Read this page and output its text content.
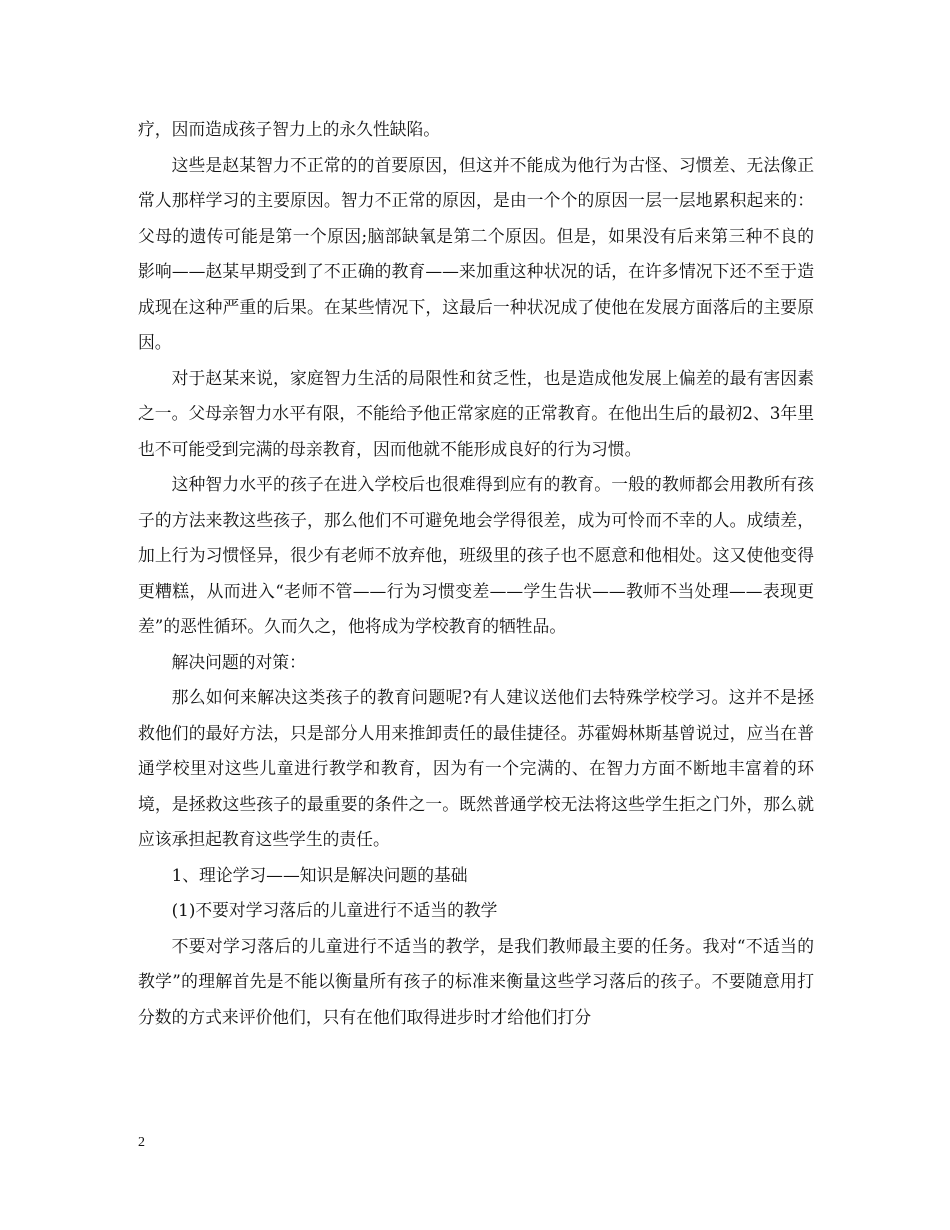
疗，因而造成孩子智力上的永久性缺陷。

这些是赵某智力不正常的的首要原因，但这并不能成为他行为古怪、习惯差、无法像正常人那样学习的主要原因。智力不正常的原因，是由一个个的原因一层一层地累积起来的：父母的遗传可能是第一个原因;脑部缺氧是第二个原因。但是，如果没有后来第三种不良的影响——赵某早期受到了不正确的教育——来加重这种状况的话，在许多情况下还不至于造成现在这种严重的后果。在某些情况下，这最后一种状况成了使他在发展方面落后的主要原因。

对于赵某来说，家庭智力生活的局限性和贫乏性，也是造成他发展上偏差的最有害因素之一。父母亲智力水平有限，不能给予他正常家庭的正常教育。在他出生后的最初2、3年里也不可能受到完满的母亲教育，因而他就不能形成良好的行为习惯。

这种智力水平的孩子在进入学校后也很难得到应有的教育。一般的教师都会用教所有孩子的方法来教这些孩子，那么他们不可避免地会学得很差，成为可怜而不幸的人。成绩差，加上行为习惯怪异，很少有老师不放弃他，班级里的孩子也不愿意和他相处。这又使他变得更糟糕，从而进入“老师不管——行为习惯变差——学生告状——教师不当处理——表现更差”的恶性循环。久而久之，他将成为学校教育的牺牲品。

解决问题的对策：

那么如何来解决这类孩子的教育问题呢?有人建议送他们去特殊学校学习。这并不是拯救他们的最好方法，只是部分人用来推卸责任的最佳捷径。苏霍姆林斯基曾说过，应当在普通学校里对这些儿童进行教学和教育，因为有一个完满的、在智力方面不断地丰富着的环境，是拯救这些孩子的最重要的条件之一。既然普通学校无法将这些学生拒之门外，那么就应该承担起教育这些学生的责任。

1、理论学习——知识是解决问题的基础

(1)不要对学习落后的儿童进行不适当的教学

不要对学习落后的儿童进行不适当的教学，是我们教师最主要的任务。我对“不适当的教学”的理解首先是不能以衡量所有孩子的标准来衡量这些学习落后的孩子。不要随意用打分数的方式来评价他们，只有在他们取得进步时才给他们打分

2
